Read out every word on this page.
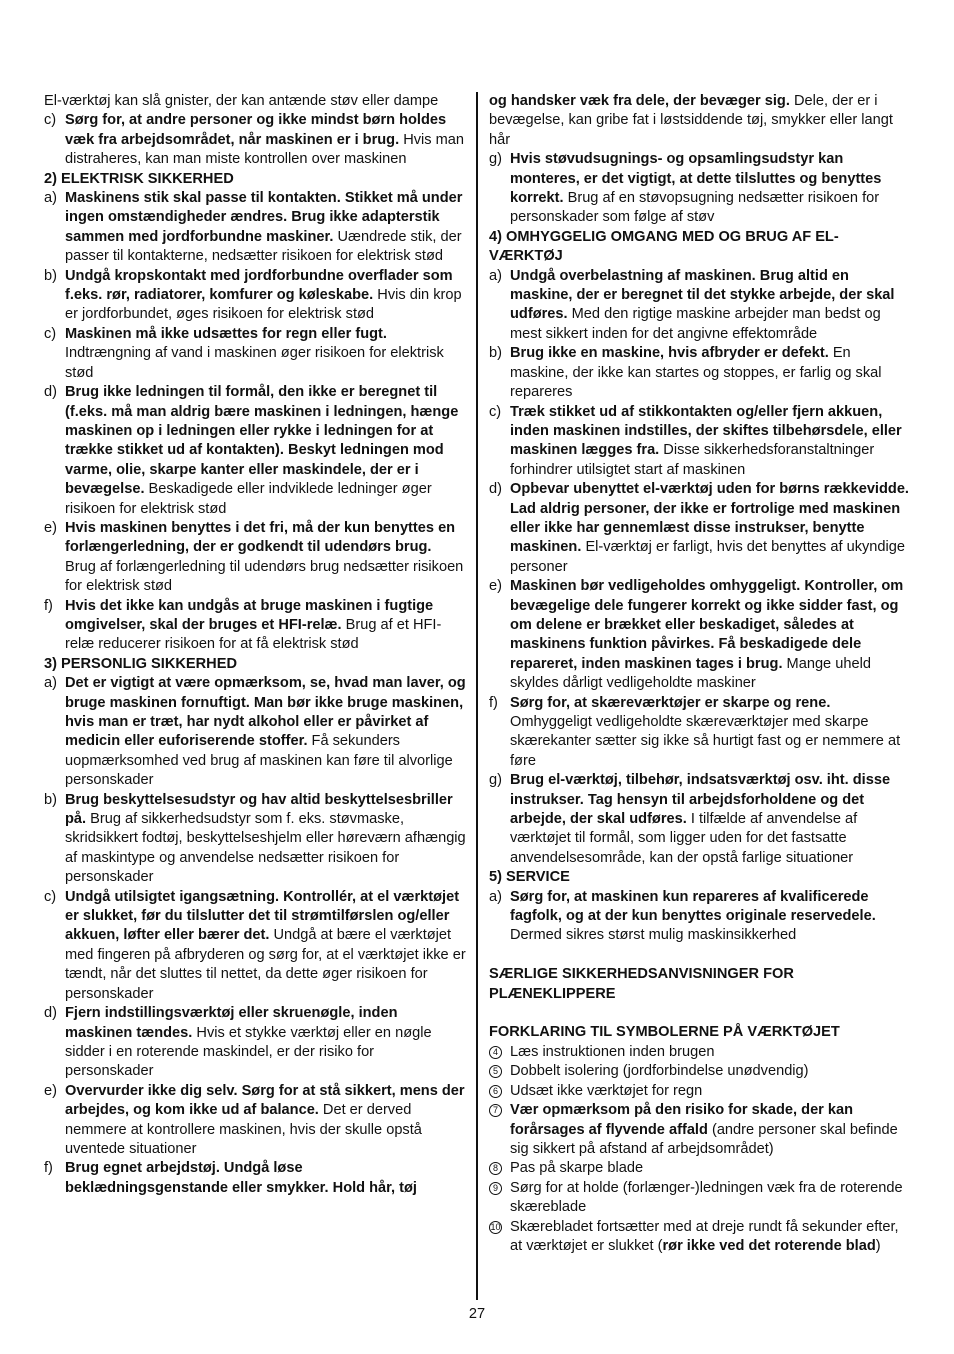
El-værktøj kan slå gnister, der kan antænde støv eller dampe

c) Sørg for, at andre personer og ikke mindst børn holdes væk fra arbejdsområdet, når maskinen er i brug. Hvis man distraheres, kan man miste kontrollen over maskinen

2) ELEKTRISK SIKKERHED

a) Maskinens stik skal passe til kontakten. Stikket må under ingen omstændigheder ændres. Brug ikke adapterstik sammen med jordforbundne maskiner. Uændrede stik, der passer til kontakterne, nedsætter risikoen for elektrisk stød
b) Undgå kropskontakt med jordforbundne overflader som f.eks. rør, radiatorer, komfurer og køleskabe. Hvis din krop er jordforbundet, øges risikoen for elektrisk stød
c) Maskinen må ikke udsættes for regn eller fugt. Indtrængning af vand i maskinen øger risikoen for elektrisk stød
d) Brug ikke ledningen til formål, den ikke er beregnet til (f.eks. må man aldrig bære maskinen i ledningen, hænge maskinen op i ledningen eller rykke i ledningen for at trække stikket ud af kontakten). Beskyt ledningen mod varme, olie, skarpe kanter eller maskindele, der er i bevægelse. Beskadigede eller indviklede ledninger øger risikoen for elektrisk stød
e) Hvis maskinen benyttes i det fri, må der kun benyttes en forlængerledning, der er godkendt til udendørs brug. Brug af forlængerledning til udendørs brug nedsætter risikoen for elektrisk stød
f) Hvis det ikke kan undgås at bruge maskinen i fugtige omgivelser, skal der bruges et HFI-relæ. Brug af et HFI-relæ reducerer risikoen for at få elektrisk stød

3) PERSONLIG SIKKERHED

a) Det er vigtigt at være opmærksom, se, hvad man laver, og bruge maskinen fornuftigt. Man bør ikke bruge maskinen, hvis man er træt, har nydt alkohol eller er påvirket af medicin eller euforiserende stoffer. Få sekunders uopmærksomhed ved brug af maskinen kan føre til alvorlige personskader
b) Brug beskyttelsesudstyr og hav altid beskyttelsesbriller på. Brug af sikkerhedsudstyr som f. eks. støvmaske, skridsikkert fodtøj, beskyttelseshjelm eller høreværn afhængig af maskintype og anvendelse nedsætter risikoen for personskader
c) Undgå utilsigtet igangsætning. Kontrollér, at el værktøjet er slukket, før du tilslutter det til strømtilførslen og/eller akkuen, løfter eller bærer det. Undgå at bære el værktøjet med fingeren på afbryderen og sørg for, at el værktøjet ikke er tændt, når det sluttes til nettet, da dette øger risikoen for personskader
d) Fjern indstillingsværktøj eller skruenøgle, inden maskinen tændes. Hvis et stykke værktøj eller en nøgle sidder i en roterende maskindel, er der risiko for personskader
e) Overvurder ikke dig selv. Sørg for at stå sikkert, mens der arbejdes, og kom ikke ud af balance. Det er derved nemmere at kontrollere maskinen, hvis der skulle opstå uventede situationer
f) Brug egnet arbejdstøj. Undgå løse beklædningsgenstande eller smykker. Hold hår, tøj

og handsker væk fra dele, der bevæger sig. Dele, der er i bevægelse, kan gribe fat i løstsiddende tøj, smykker eller langt hår

g) Hvis støvudsugnings- og opsamlingsudstyr kan monteres, er det vigtigt, at dette tilsluttes og benyttes korrekt. Brug af en støvopsugning nedsætter risikoen for personskader som følge af støv

4) OMHYGGELIG OMGANG MED OG BRUG AF EL-VÆRKTØJ

a) Undgå overbelastning af maskinen. Brug altid en maskine, der er beregnet til det stykke arbejde, der skal udføres. Med den rigtige maskine arbejder man bedst og mest sikkert inden for det angivne effektområde
b) Brug ikke en maskine, hvis afbryder er defekt. En maskine, der ikke kan startes og stoppes, er farlig og skal repareres
c) Træk stikket ud af stikkontakten og/eller fjern akkuen, inden maskinen indstilles, der skiftes tilbehørsdele, eller maskinen lægges fra. Disse sikkerhedsforanstaltninger forhindrer utilsigtet start af maskinen
d) Opbevar ubenyttet el-værktøj uden for børns rækkevidde. Lad aldrig personer, der ikke er fortrolige med maskinen eller ikke har gennemlæst disse instrukser, benytte maskinen. El-værktøj er farligt, hvis det benyttes af ukyndige personer
e) Maskinen bør vedligeholdes omhyggeligt. Kontroller, om bevægelige dele fungerer korrekt og ikke sidder fast, og om delene er brækket eller beskadiget, således at maskinens funktion påvirkes. Få beskadigede dele repareret, inden maskinen tages i brug. Mange uheld skyldes dårligt vedligeholdte maskiner
f) Sørg for, at skæreværktøjer er skarpe og rene. Omhyggeligt vedligeholdte skæreværktøjer med skarpe skærekanter sætter sig ikke så hurtigt fast og er nemmere at føre
g) Brug el-værktøj, tilbehør, indsatsværktøj osv. iht. disse instrukser. Tag hensyn til arbejdsforholdene og det arbejde, der skal udføres. I tilfælde af anvendelse af værktøjet til formål, som ligger uden for det fastsatte anvendelsesområde, kan der opstå farlige situationer

5) SERVICE

a) Sørg for, at maskinen kun repareres af kvalificerede fagfolk, og at der kun benyttes originale reservedele. Dermed sikres størst mulig maskinsikkerhed

SÆRLIGE SIKKERHEDSANVISNINGER FOR PLÆNEKLIPPERE

FORKLARING TIL SYMBOLERNE PÅ VÆRKTØJET

4 Læs instruktionen inden brugen
5 Dobbelt isolering (jordforbindelse unødvendig)
6 Udsæt ikke værktøjet for regn
7 Vær opmærksom på den risiko for skade, der kan forårsages af flyvende affald (andre personer skal befinde sig sikkert på afstand af arbejdsområdet)
8 Pas på skarpe blade
9 Sørg for at holde (forlænger-)ledningen væk fra de roterende skæreblade
10 Skærebladet fortsætter med at dreje rundt få sekunder efter, at værktøjet er slukket (rør ikke ved det roterende blad)
27
